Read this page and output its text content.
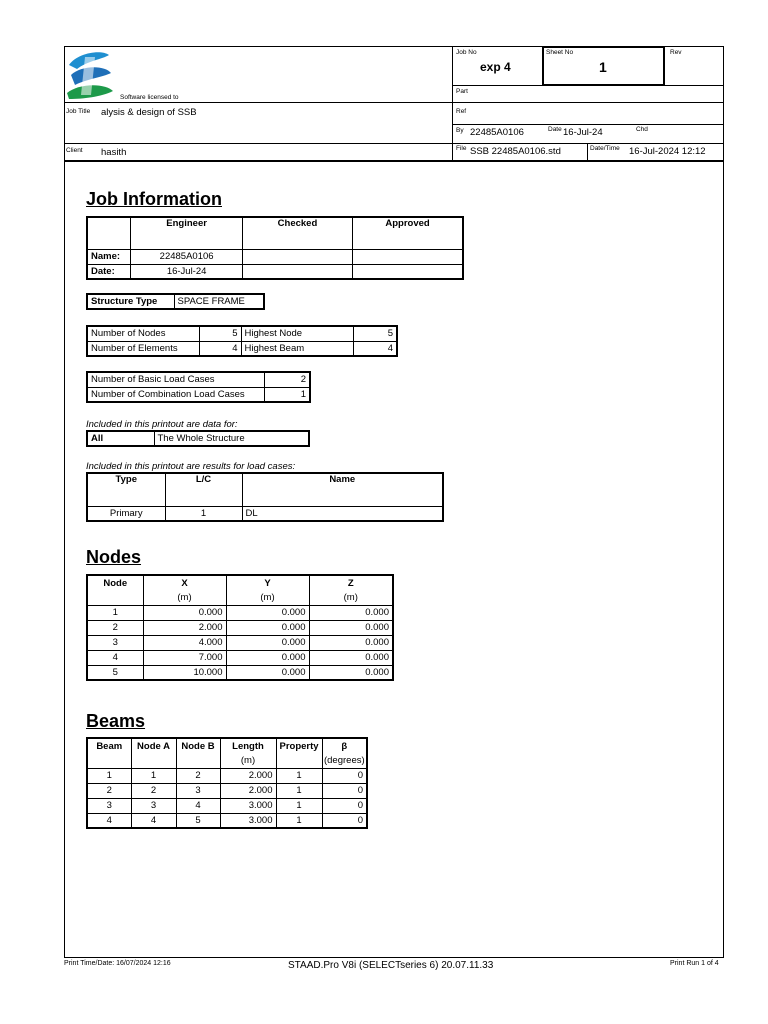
Software licensed to
Job No
exp 4
Sheet No
1
Rev
Part
Job Title alysis & design of SSB	Ref
By 22485A0106	Date 16-Jul-24	Chd
Client hasith	File SSB 22485A0106.std	Date/Time 16-Jul-2024 12:12
Job Information
	Engineer	Checked	Approved
Name:	22485A0106		
Date:	16-Jul-24		
Structure Type	SPACE FRAME
Number of Nodes	5	Highest Node	5
Number of Elements	4	Highest Beam	4
Number of Basic Load Cases	2
Number of Combination Load Cases	1
Included in this printout are data for:
All	The Whole Structure
Included in this printout are results for load cases:
Type	L/C	Name
Primary	1	DL
Nodes
Node	X	Y	Z
	(m)	(m)	(m)
1	0.000	0.000	0.000
2	2.000	0.000	0.000
3	4.000	0.000	0.000
4	7.000	0.000	0.000
5	10.000	0.000	0.000
Beams
Beam	Node A	Node B	Length	Property	β
			(m)		(degrees)
1	1	2	2.000	1	0
2	2	3	2.000	1	0
3	3	4	3.000	1	0
4	4	5	3.000	1	0
Print Time/Date: 16/07/2024 12:16	STAAD.Pro V8i (SELECTseries 6) 20.07.11.33	Print Run 1 of 4
